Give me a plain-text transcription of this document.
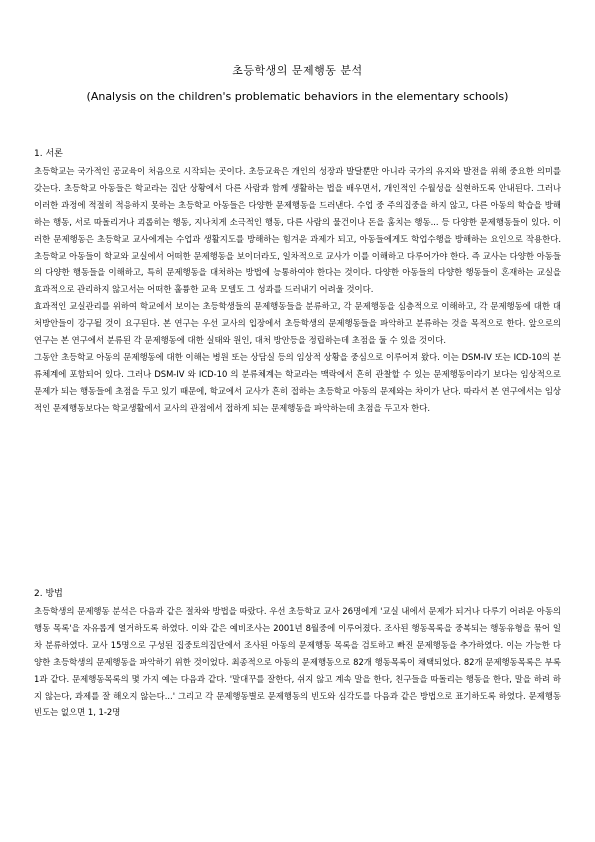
초등학생의 문제행동 분석
(Analysis on the children's problematic behaviors in the elementary schools)
1. 서론

초등학교는 국가적인 공교육이 처음으로 시작되는 곳이다. 초등교육은 개인의 성장과 발달뿐만 아니라 국가의 유지와 발전을 위해 중요한 의미를 갖는다. 초등학교 아동들은 학교라는 집단 상황에서 다른 사람과 함께 생활하는 법을 배우면서, 개인적인 수월성을 실현하도록 안내된다. 그러나 이러한 과정에 적절히 적응하지 못하는 초등학교 아동들은 다양한 문제행동을 드러낸다. 수업 중 주의집중을 하지 않고, 다른 아동의 학습을 방해하는 행동, 서로 따돌리거나 괴롭히는 행동, 지나치게 소극적인 행동, 다른 사람의 물건이나 돈을 훔치는 행동... 등 다양한 문제행동들이 있다. 이러한 문제행동은 초등학교 교사에게는 수업과 생활지도를 방해하는 힘겨운 과제가 되고, 아동들에게도 학업수행을 방해하는 요인으로 작용한다. 초등학교 아동들이 학교와 교실에서 어떠한 문제행동을 보이더라도, 일차적으로 교사가 이를 이해하고 다루어가야 한다. 즉 교사는 다양한 아동들의 다양한 행동들을 이해하고, 특히 문제행동을 대처하는 방법에 능통하여야 한다는 것이다. 다양한 아동들의 다양한 행동들이 혼재하는 교실을 효과적으로 관리하지 않고서는 어떠한 훌륭한 교육 모델도 그 성과를 드러내기 어려울 것이다.

효과적인 교실관리를 위하여 학교에서 보이는 초등학생들의 문제행동들을 분류하고, 각 문제행동을 심층적으로 이해하고, 각 문제행동에 대한 대처방안들이 강구될 것이 요구된다. 본 연구는 우선 교사의 입장에서 초등학생의 문제행동들을 파악하고 분류하는 것을 목적으로 한다. 앞으로의 연구는 본 연구에서 분류된 각 문제행동에 대한 실태와 원인, 대처 방안등을 정립하는데 초점을 둘 수 있을 것이다.

그동안 초등학교 아동의 문제행동에 대한 이해는 병원 또는 상담실 등의 임상적 상황을 중심으로 이루어져 왔다. 이는 DSM-IV 또는 ICD-10의 분류체계에 포함되어 있다. 그러나 DSM-IV 와 ICD-10 의 분류체계는 학교라는 맥락에서 흔히 관찰할 수 있는 문제행동이라기 보다는 임상적으로 문제가 되는 행동들에 초점을 두고 있기 때문에, 학교에서 교사가 흔히 접하는 초등학교 아동의 문제와는 차이가 난다. 따라서 본 연구에서는 임상적인 문제행동보다는 학교생활에서 교사의 관점에서 접하게 되는 문제행동을 파악하는데 초점을 두고자 한다.

2. 방법

초등학생의 문제행동 분석은 다음과 같은 절차와 방법을 따랐다. 우선 초등학교 교사 26명에게 '교실 내에서 문제가 되거나 다루기 어려운 아동의 행동 목록'을 자유롭게 열거하도록 하였다. 이와 같은 예비조사는 2001년 8월중에 이루어졌다. 조사된 행동목록을 중복되는 행동유형을 묶어 일차 분류하였다. 교사 15명으로 구성된 집중토의집단에서 조사된 아동의 문제행동 목록을 검토하고 빠진 문제행동을 추가하였다. 이는 가능한 다양한 초등학생의 문제행동을 파악하기 위한 것이었다. 최종적으로 아동의 문제행동으로 82개 행동목록이 채택되었다. 82개 문제행동목록은 부록1과 같다. 문제행동목록의 몇 가지 예는 다음과 같다. '말대꾸를 잘한다, 쉬지 않고 계속 말을 한다, 친구들을 따돌리는 행동을 한다, 말을 하려 하지 않는다, 과제를 잘 해오지 않는다...' 그리고 각 문제행동별로 문제행동의 빈도와 심각도를 다음과 같은 방법으로 표기하도록 하였다. 문제행동빈도는 없으면 1, 1-2명
